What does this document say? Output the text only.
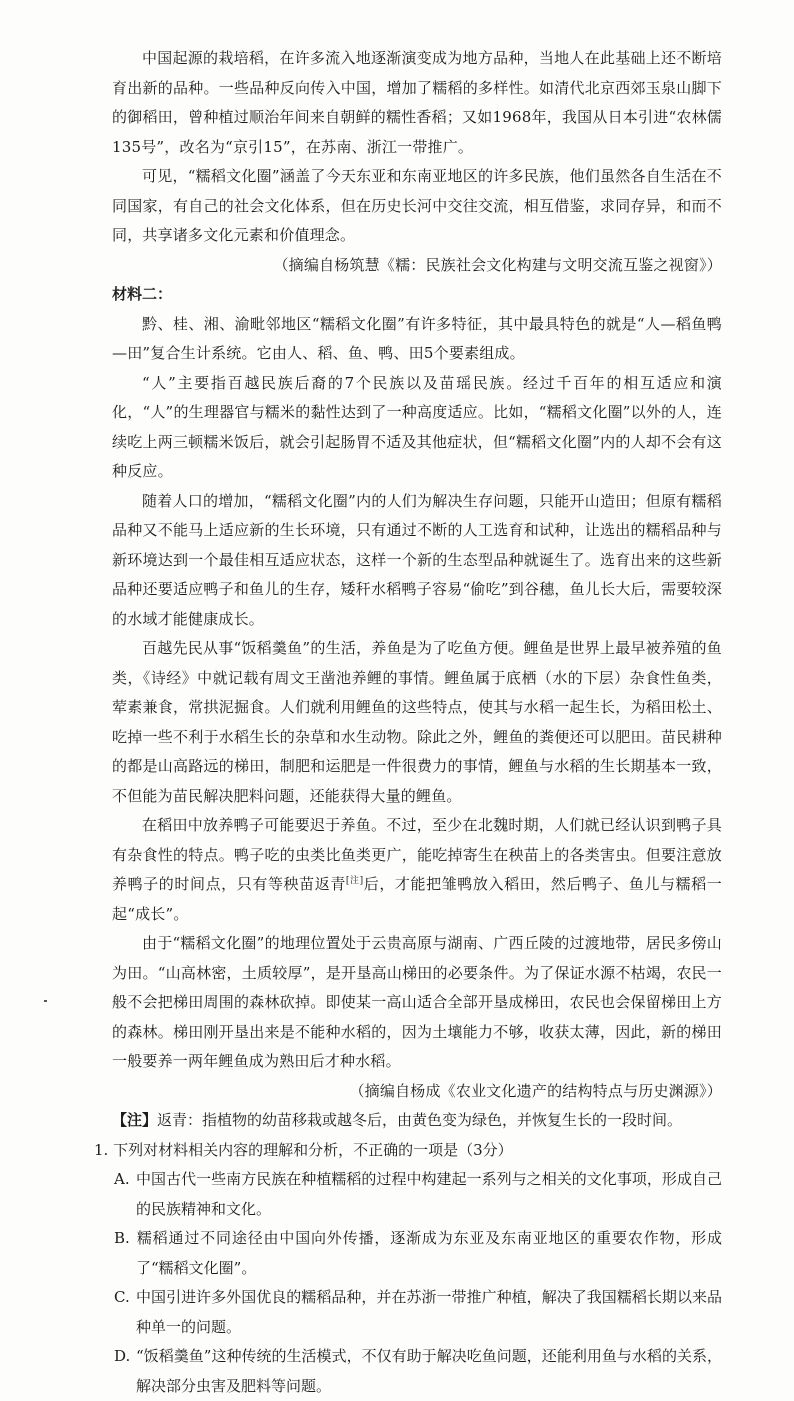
中国起源的栽培稻，在许多流入地逐渐演变成为地方品种，当地人在此基础上还不断培育出新的品种。一些品种反向传入中国，增加了糯稻的多样性。如清代北京西郊玉泉山脚下的御稻田，曾种植过顺治年间来自朝鲜的糯性香稻；又如1968年，我国从日本引进“农林儒135号”，改名为“京引15”，在苏南、浙江一带推广。

可见，“糯稻文化圈”涵盖了今天东亚和东南亚地区的许多民族，他们虽然各自生活在不同国家，有自己的社会文化体系，但在历史长河中交往交流，相互借鉴，求同存异，和而不同，共享诸多文化元素和价值理念。

（摘编自杨筑慧《糯：民族社会文化构建与文明交流互鉴之视窗》）

材料二：

黔、桂、湘、渝毗邻地区“糯稻文化圈”有许多特征，其中最具特色的就是“人—稻鱼鸭—田”复合生计系统。它由人、稻、鱼、鸭、田5个要素组成。

“人”主要指百越民族后裔的7个民族以及苗瑶民族。经过千百年的相互适应和演化，“人”的生理器官与糯米的黏性达到了一种高度适应。比如，“糯稻文化圈”以外的人，连续吃上两三顿糯米饭后，就会引起肠胃不适及其他症状，但“糯稻文化圈”内的人却不会有这种反应。

随着人口的增加，“糯稻文化圈”内的人们为解决生存问题，只能开山造田；但原有糯稻品种又不能马上适应新的生长环境，只有通过不断的人工选育和试种，让选出的糯稻品种与新环境达到一个最佳相互适应状态，这样一个新的生态型品种就诞生了。选育出来的这些新品种还要适应鸭子和鱼儿的生存，矮秆水稻鸭子容易“偷吃”到谷穗，鱼儿长大后，需要较深的水域才能健康成长。

百越先民从事“饭稻羹鱼”的生活，养鱼是为了吃鱼方便。鲤鱼是世界上最早被养殖的鱼类，《诗经》中就记载有周文王凿池养鲤的事情。鲤鱼属于底栖（水的下层）杂食性鱼类，荤素兼食，常拱泥掘食。人们就利用鲤鱼的这些特点，使其与水稻一起生长，为稻田松土、吃掉一些不利于水稻生长的杂草和水生动物。除此之外，鲤鱼的粪便还可以肥田。苗民耕种的都是山高路远的梯田，制肥和运肥是一件很费力的事情，鲤鱼与水稻的生长期基本一致，不但能为苗民解决肥料问题，还能获得大量的鲤鱼。

在稻田中放养鸭子可能要迟于养鱼。不过，至少在北魏时期，人们就已经认识到鸭子具有杂食性的特点。鸭子吃的虫类比鱼类更广，能吃掉寄生在秧苗上的各类害虫。但要注意放养鸭子的时间点，只有等秧苗返青[注]后，才能把雏鸭放入稻田，然后鸭子、鱼儿与糯稻一起“成长”。

由于“糯稻文化圈”的地理位置处于云贵高原与湖南、广西丘陵的过渡地带，居民多傍山为田。“山高林密，土质较厚”，是开垦高山梯田的必要条件。为了保证水源不枯竭，农民一般不会把梯田周围的森林砍掉。即使某一高山适合全部开垦成梯田，农民也会保留梯田上方的森林。梯田刚开垦出来是不能种水稻的，因为土壤能力不够，收获太薄，因此，新的梯田一般要养一两年鲤鱼成为熟田后才种水稻。

（摘编自杨成《农业文化遗产的结构特点与历史渊源》）

【注】返青：指植物的幼苗移栽或越冬后，由黄色变为绿色，并恢复生长的一段时间。

1. 下列对材料相关内容的理解和分析，不正确的一项是（3分）

A. 中国古代一些南方民族在种植糯稻的过程中构建起一系列与之相关的文化事项，形成自己的民族精神和文化。

B. 糯稻通过不同途径由中国向外传播，逐渐成为东亚及东南亚地区的重要农作物，形成了“糯稻文化圈”。

C. 中国引进许多外国优良的糯稻品种，并在苏浙一带推广种植，解决了我国糯稻长期以来品种单一的问题。

D. “饭稻羹鱼”这种传统的生活模式，不仅有助于解决吃鱼问题，还能利用鱼与水稻的关系，解决部分虫害及肥料等问题。
